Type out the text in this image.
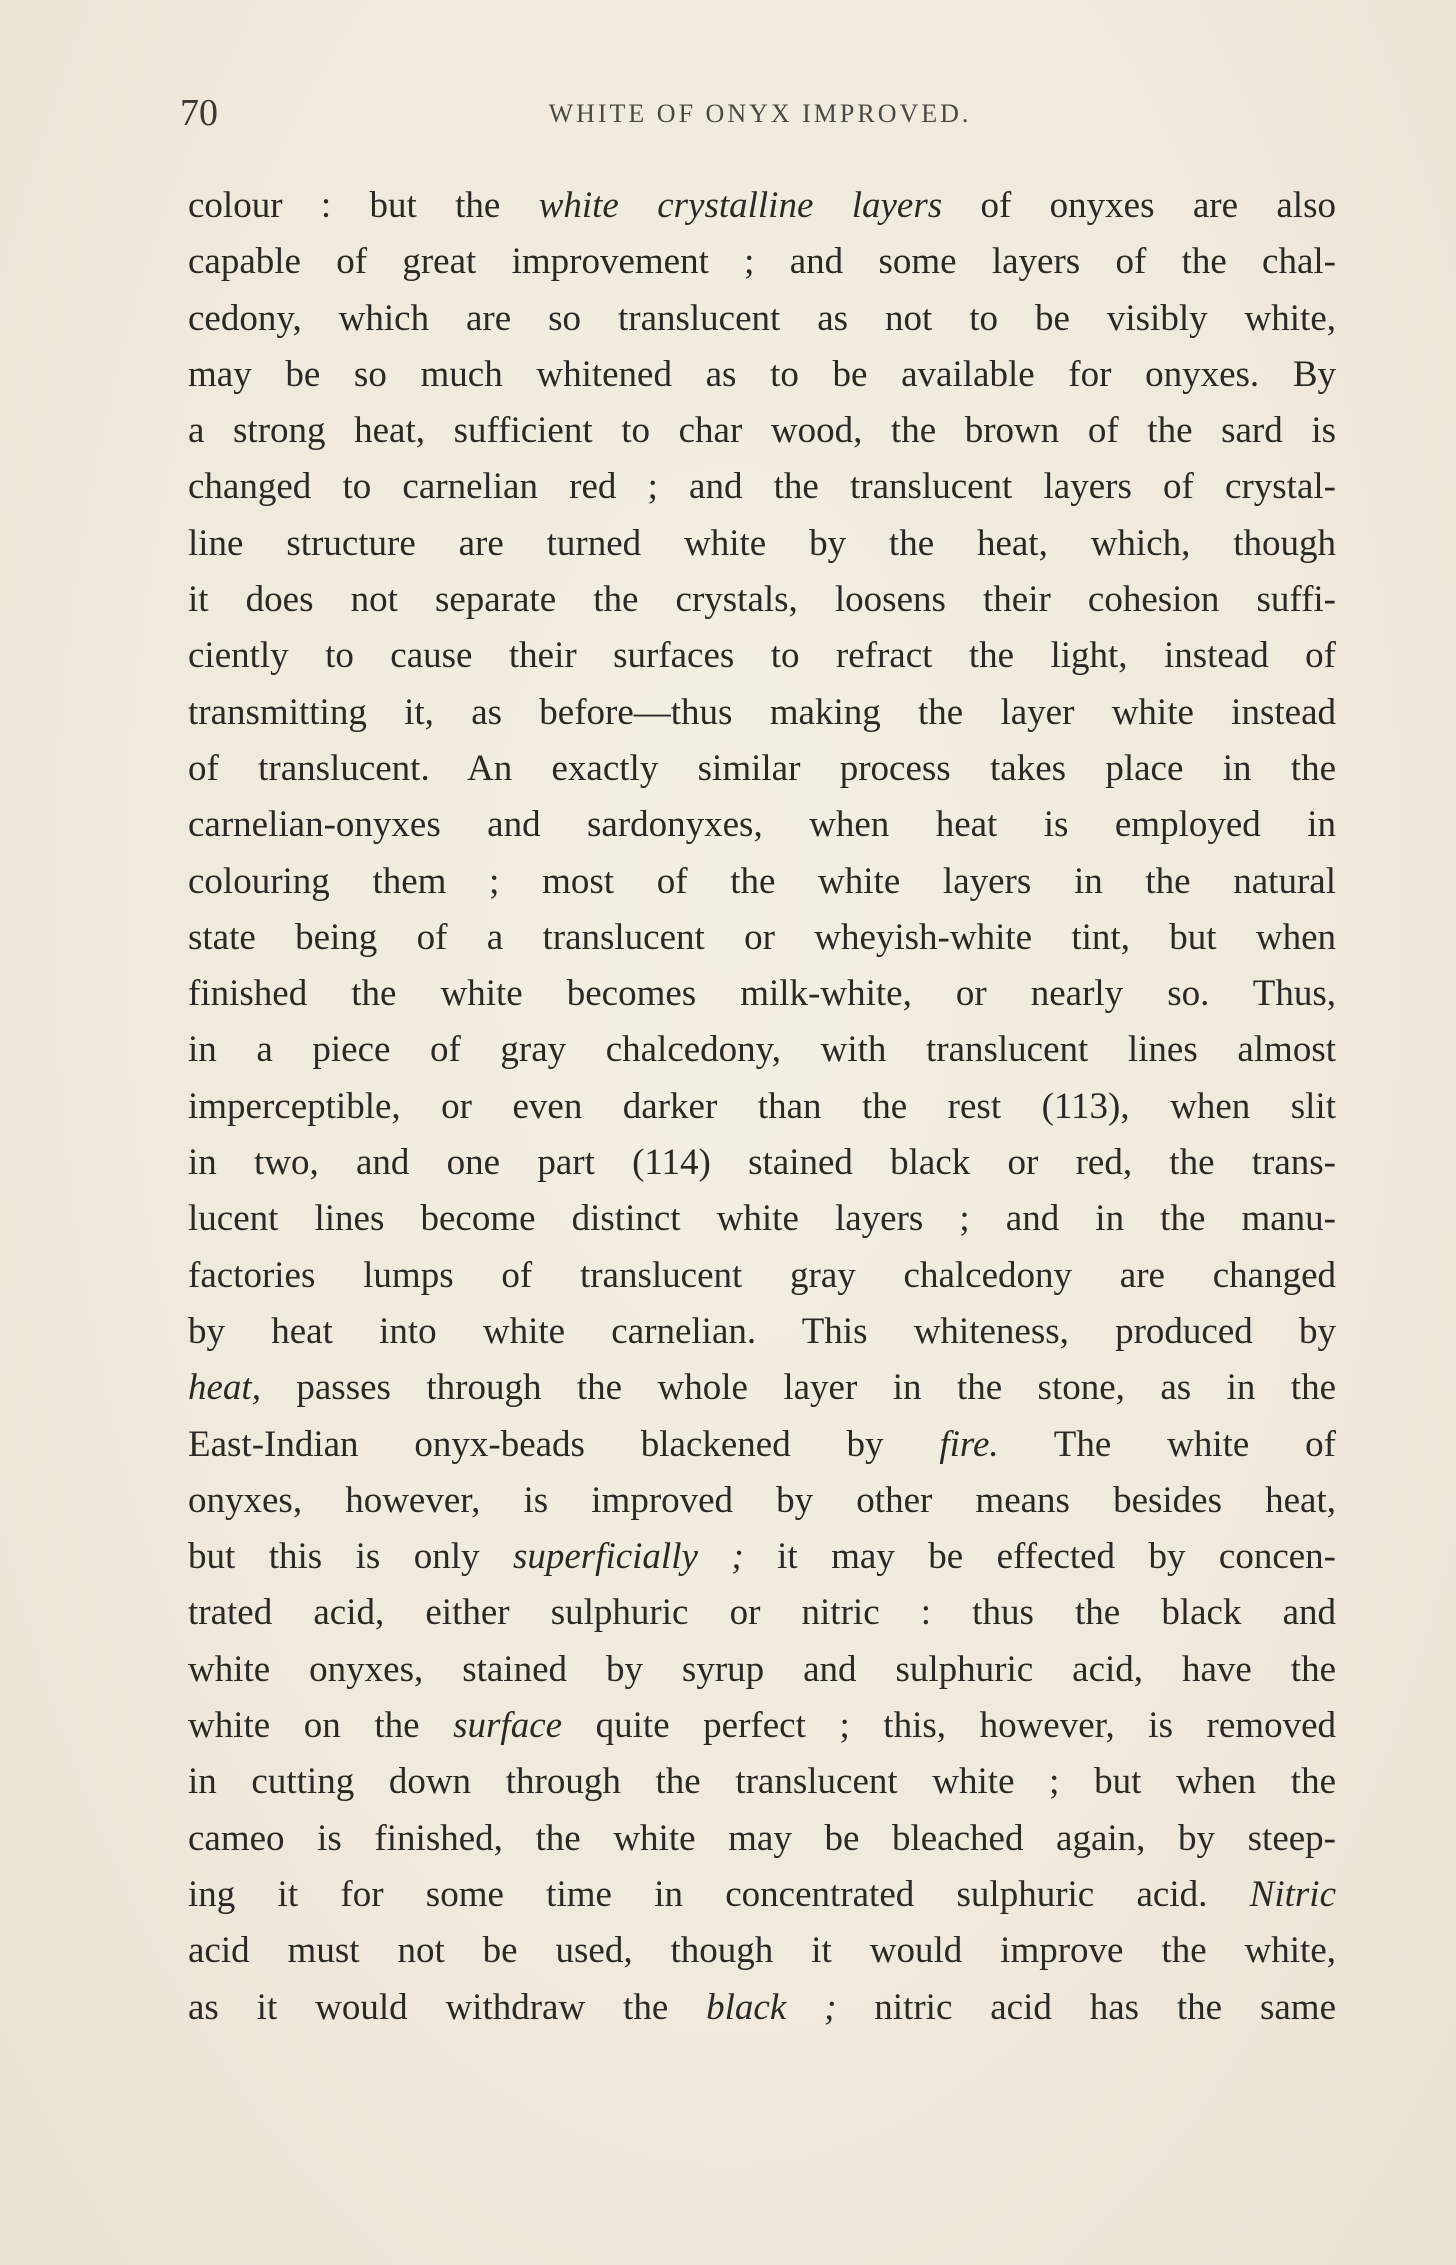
70	WHITE OF ONYX IMPROVED.
colour : but the white crystalline layers of onyxes are also
capable of great improvement ; and some layers of the chal-
cedony, which are so translucent as not to be visibly white,
may be so much whitened as to be available for onyxes. By
a strong heat, sufficient to char wood, the brown of the sard is
changed to carnelian red ; and the translucent layers of crystal-
line structure are turned white by the heat, which, though
it does not separate the crystals, loosens their cohesion suffi-
ciently to cause their surfaces to refract the light, instead of
transmitting it, as before—thus making the layer white instead
of translucent. An exactly similar process takes place in the
carnelian-onyxes and sardonyxes, when heat is employed in
colouring them ; most of the white layers in the natural
state being of a translucent or wheyish-white tint, but when
finished the white becomes milk-white, or nearly so. Thus,
in a piece of gray chalcedony, with translucent lines almost
imperceptible, or even darker than the rest (113), when slit
in two, and one part (114) stained black or red, the trans-
lucent lines become distinct white layers ; and in the manu-
factories lumps of translucent gray chalcedony are changed
by heat into white carnelian. This whiteness, produced by
heat, passes through the whole layer in the stone, as in the
East-Indian onyx-beads blackened by fire. The white of
onyxes, however, is improved by other means besides heat,
but this is only superficially ; it may be effected by concen-
trated acid, either sulphuric or nitric : thus the black and
white onyxes, stained by syrup and sulphuric acid, have the
white on the surface quite perfect ; this, however, is removed
in cutting down through the translucent white ; but when the
cameo is finished, the white may be bleached again, by steep-
ing it for some time in concentrated sulphuric acid. Nitric
acid must not be used, though it would improve the white,
as it would withdraw the black ; nitric acid has the same
